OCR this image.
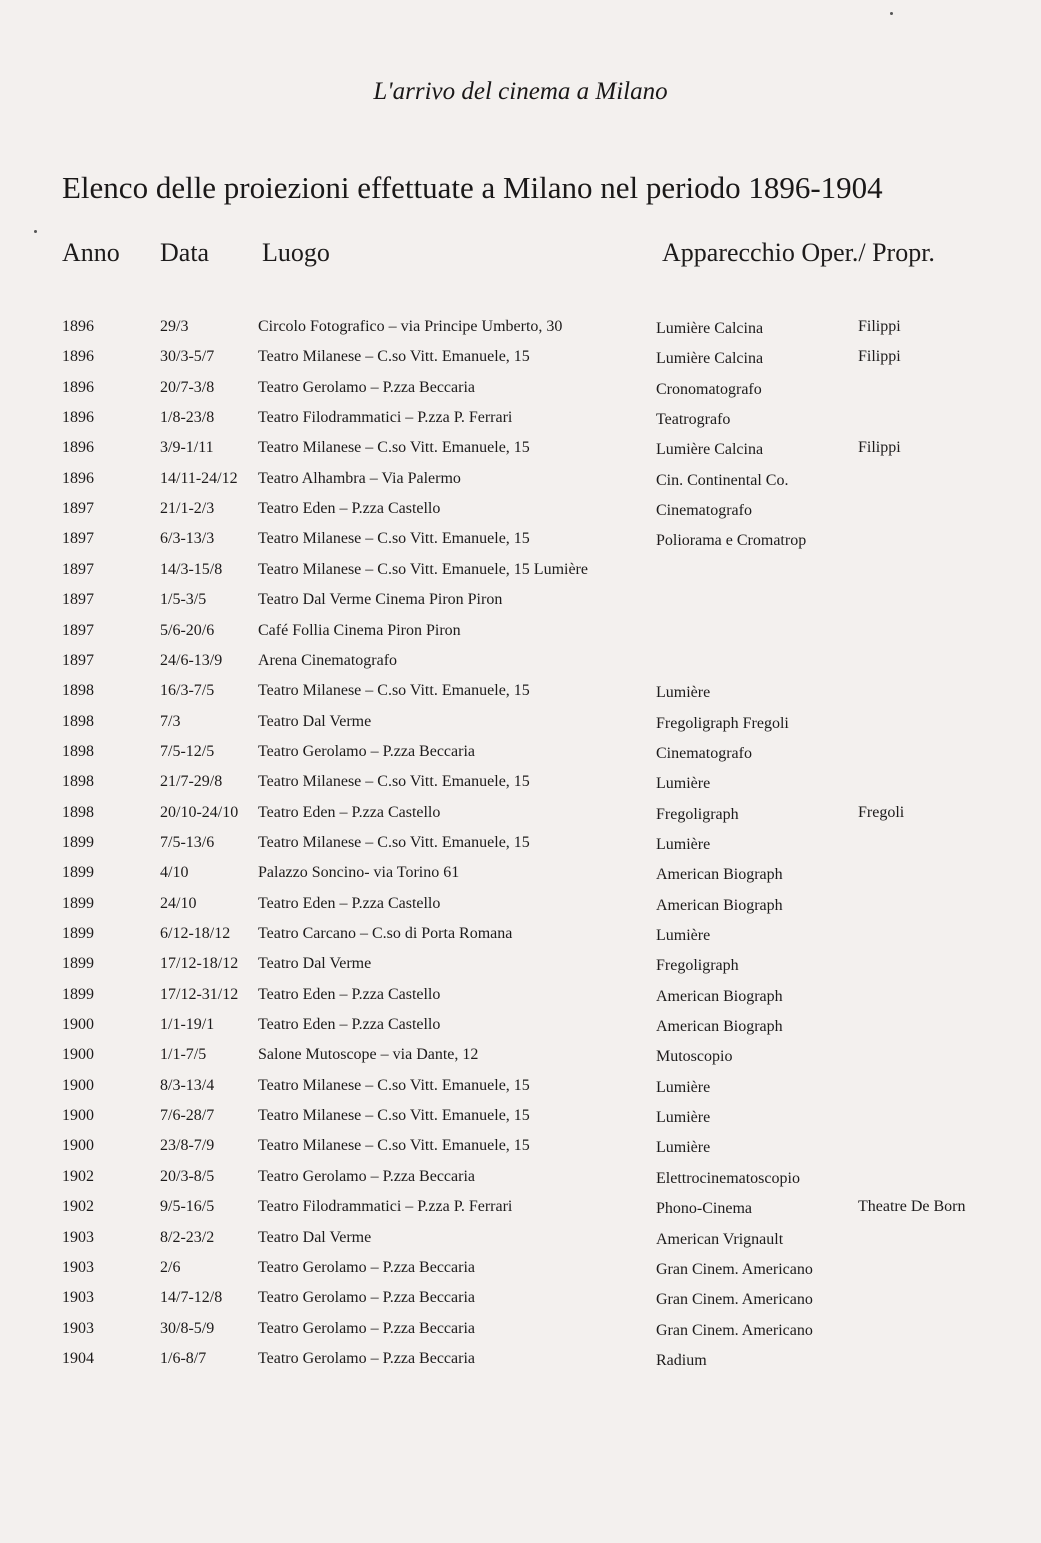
L'arrivo del cinema a Milano
Elenco delle proiezioni effettuate a Milano nel periodo 1896-1904
Anno Data Luogo	Apparecchio Oper./ Propr.
1896	29/3	Circolo Fotografico – via Principe Umberto, 30	Lumière Calcina	Filippi
1896	30/3-5/7	Teatro Milanese – C.so Vitt. Emanuele, 15	Lumière Calcina	Filippi
1896	20/7-3/8	Teatro Gerolamo – P.zza Beccaria	Cronomatografo
1896	1/8-23/8	Teatro Filodrammatici – P.zza P. Ferrari	Teatrografo
1896	3/9-1/11	Teatro Milanese – C.so Vitt. Emanuele, 15	Lumière Calcina	Filippi
1896	14/11-24/12 Teatro Alhambra – Via Palermo	Cin. Continental Co.
1897	21/1-2/3	Teatro Eden – P.zza Castello	Cinematografo
1897	6/3-13/3	Teatro Milanese – C.so Vitt. Emanuele, 15	Poliorama e Cromatrop
1897	14/3-15/8 Teatro Milanese – C.so Vitt. Emanuele, 15 Lumière
1897	1/5-3/5	Teatro Dal Verme Cinema Piron Piron
1897	5/6-20/6	Café Follia Cinema Piron Piron
1897	24/6-13/9 Arena Cinematografo
1898	16/3-7/5	Teatro Milanese – C.so Vitt. Emanuele, 15	Lumière
1898	7/3	Teatro Dal Verme	Fregoligraph Fregoli
1898	7/5-12/5	Teatro Gerolamo – P.zza Beccaria	Cinematografo
1898	21/7-29/8 Teatro Milanese – C.so Vitt. Emanuele, 15	Lumière
1898	20/10-24/10 Teatro Eden – P.zza Castello	Fregoligraph	Fregoli
1899	7/5-13/6	Teatro Milanese – C.so Vitt. Emanuele, 15	Lumière
1899	4/10	Palazzo Soncino- via Torino 61	American Biograph
1899	24/10	Teatro Eden – P.zza Castello	American Biograph
1899	6/12-18/12 Teatro Carcano – C.so di Porta Romana	Lumière
1899	17/12-18/12 Teatro Dal Verme	Fregoligraph
1899	17/12-31/12 Teatro Eden – P.zza Castello	American Biograph
1900	1/1-19/1	Teatro Eden – P.zza Castello	American Biograph
1900	1/1-7/5	Salone Mutoscope – via Dante, 12	Mutoscopio
1900	8/3-13/4	Teatro Milanese – C.so Vitt. Emanuele, 15	Lumière
1900	7/6-28/7	Teatro Milanese – C.so Vitt. Emanuele, 15	Lumière
1900	23/8-7/9	Teatro Milanese – C.so Vitt. Emanuele, 15	Lumière
1902	20/3-8/5	Teatro Gerolamo – P.zza Beccaria	Elettrocinematoscopio
1902	9/5-16/5	Teatro Filodrammatici – P.zza P. Ferrari	Phono-Cinema	Theatre De Born
1903	8/2-23/2	Teatro Dal Verme	American Vrignault
1903	2/6	Teatro Gerolamo – P.zza Beccaria	Gran Cinem. Americano
1903	14/7-12/8 Teatro Gerolamo – P.zza Beccaria	Gran Cinem. Americano
1903	30/8-5/9	Teatro Gerolamo – P.zza Beccaria	Gran Cinem. Americano
1904	1/6-8/7	Teatro Gerolamo – P.zza Beccaria	Radium
